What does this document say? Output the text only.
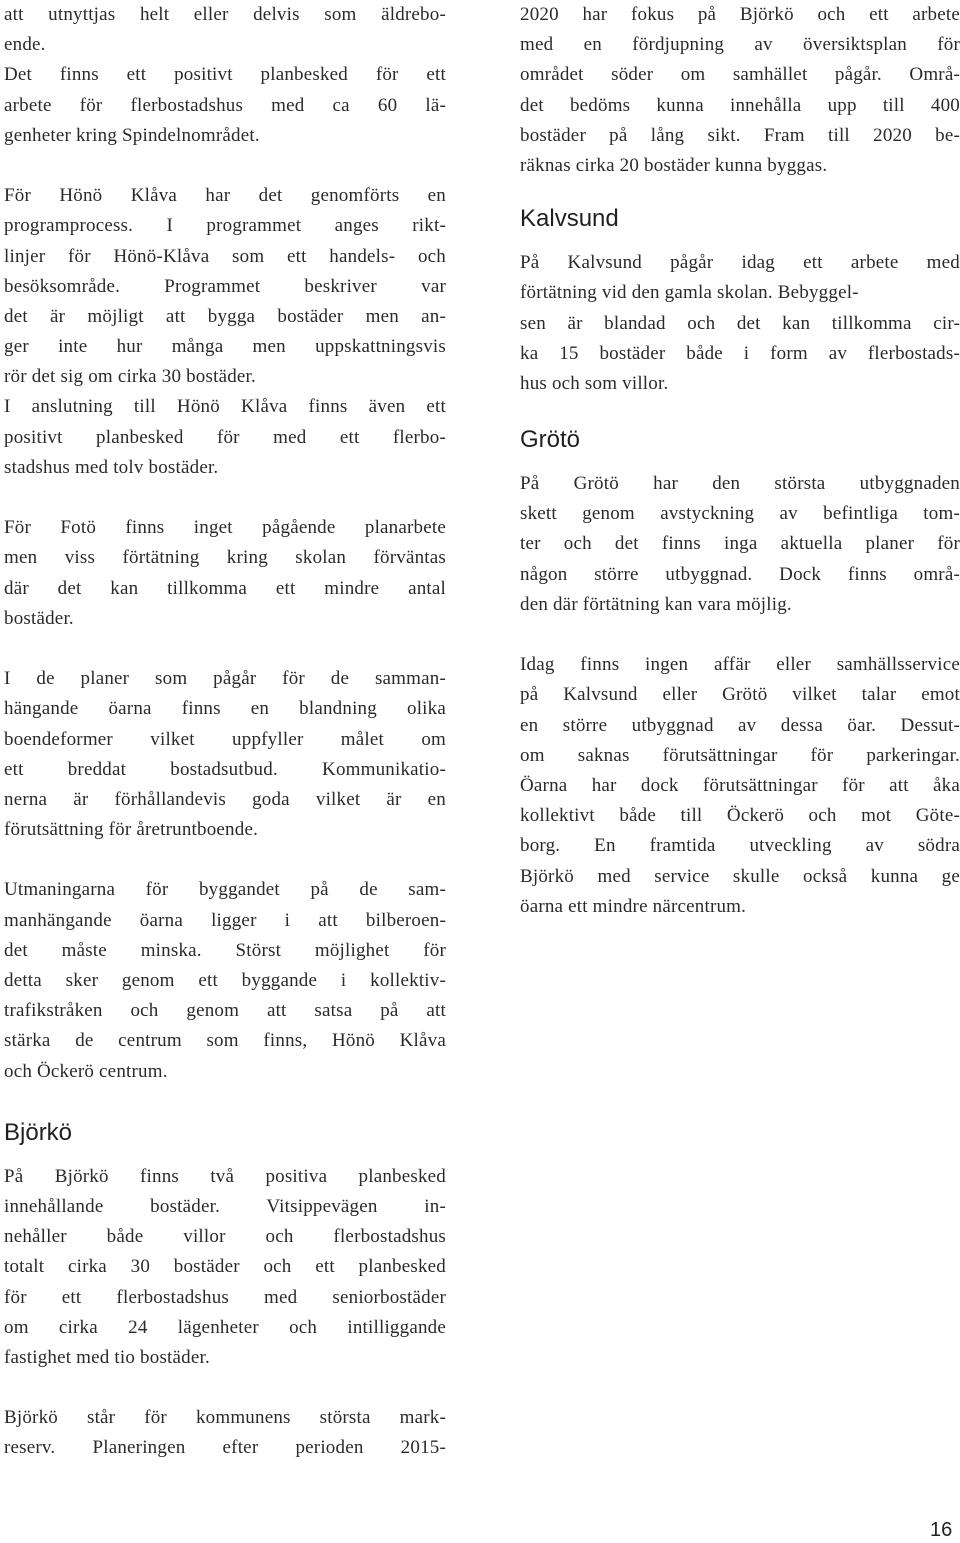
att utnyttjas helt eller delvis som äldrebo-
ende.
Det finns ett positivt planbesked för ett
arbete för flerbostadshus med ca 60 lä-
genheter kring Spindelnområdet.
För Hönö Klåva har det genomförts en
programprocess. I programmet anges rikt-
linjer för Hönö-Klåva som ett handels- och
besöksområde. Programmet beskriver var
det är möjligt att bygga bostäder men an-
ger inte hur många men uppskattningsvis
rör det sig om cirka 30 bostäder.
I anslutning till Hönö Klåva finns även ett
positivt planbesked för med ett flerbo-
stadshus med tolv bostäder.
För Fotö finns inget pågående planarbete
men viss förtätning kring skolan förväntas
där det kan tillkomma ett mindre antal
bostäder.
I de planer som pågår för de samman-
hängande öarna finns en blandning olika
boendeformer vilket uppfyller målet om
ett breddat bostadsutbud. Kommunikatio-
nerna är förhållandevis goda vilket är en
förutsättning för åretruntboende.
Utmaningarna för byggandet på de sam-
manhängande öarna ligger i att bilberoen-
det måste minska. Störst möjlighet för
detta sker genom ett byggande i kollektiv-
trafikstråken och genom att satsa på att
stärka de centrum som finns, Hönö Klåva
och Öckerö centrum.
Björkö
På Björkö finns två positiva planbesked
innehållande bostäder. Vitsippevägen in-
nehåller både villor och flerbostadshus
totalt cirka 30 bostäder och ett planbesked
för ett flerbostadshus med seniorbostäder
om cirka 24 lägenheter och intilliggande
fastighet med tio bostäder.
Björkö står för kommunens största mark-
reserv. Planeringen efter perioden 2015-
2020 har fokus på Björkö och ett arbete
med en fördjupning av översiktsplan för
området söder om samhället pågår. Områ-
det bedöms kunna innehålla upp till 400
bostäder på lång sikt. Fram till 2020 be-
räknas cirka 20 bostäder kunna byggas.
Kalvsund
På Kalvsund pågår idag ett arbete med
förtätning vid den gamla skolan. Bebyggel-
sen är blandad och det kan tillkomma cir-
ka 15 bostäder både i form av flerbostads-
hus och som villor.
Grötö
På Grötö har den största utbyggnaden
skett genom avstyckning av befintliga tom-
ter och det finns inga aktuella planer för
någon större utbyggnad. Dock finns områ-
den där förtätning kan vara möjlig.
Idag finns ingen affär eller samhällsservice
på Kalvsund eller Grötö vilket talar emot
en större utbyggnad av dessa öar. Dessut-
om saknas förutsättningar för parkeringar.
Öarna har dock förutsättningar för att åka
kollektivt både till Öckerö och mot Göte-
borg. En framtida utveckling av södra
Björkö med service skulle också kunna ge
öarna ett mindre närcentrum.
16
